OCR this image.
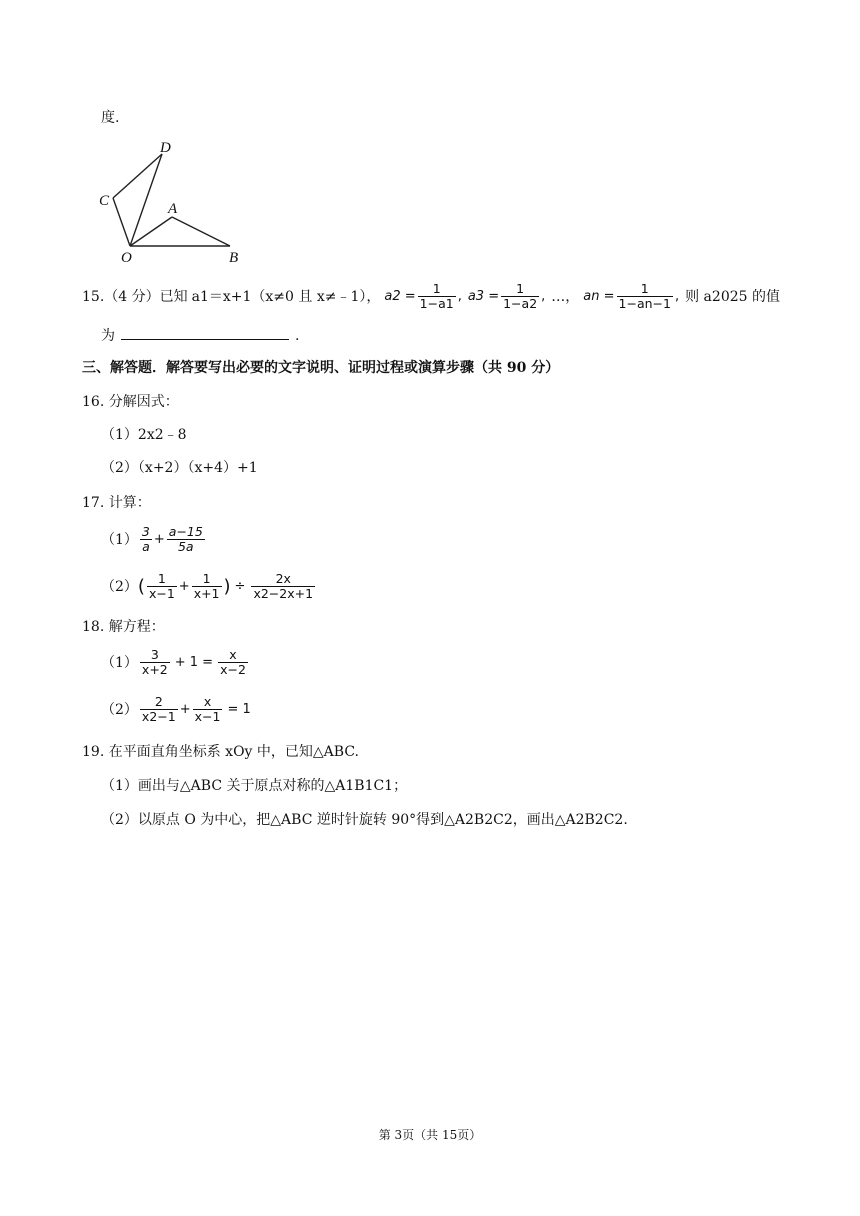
度.
D
C	A
O	B
15. （4 分） 已知 a1＝x+1（x≠0 且 x≠﹣1）， $a2 = \frac{1}{1-a1}$ , $a3 = \frac{1}{1-a2}$ , …， an = $\frac{1}{1-an-1}$ , 则 a2025 的值
为	.
三、解答题．解答要写出必要的文字说明、证明过程或演算步骤（共 90 分）
16. 分解因式：
（1）2x2﹣8
（2）（x+2）（x+4）+1
17. 计算：
$(1) \frac{3}{a} + \frac{a-15}{5a}$
（2） ( $\frac{1}{x-1} + \frac{1}{x+1}$ ) ÷ $\frac{2x}{x2-2x+1}$
18. 解方程：
$(1) \frac{3}{x+2} + 1 = \frac{x}{x-2}$
$(2) \frac{2}{x2-1} + \frac{x}{x-1} = 1$
19. 在平面直角坐标系 xOy 中，已知△ABC.
（1）画出与△ABC 关于原点对称的△A1B1C1；
（2）以原点 O 为中心，把△ABC 逆时针旋转 90°得到△A2B2C2，画出△A2B2C2.
第 3页（共 15页）
